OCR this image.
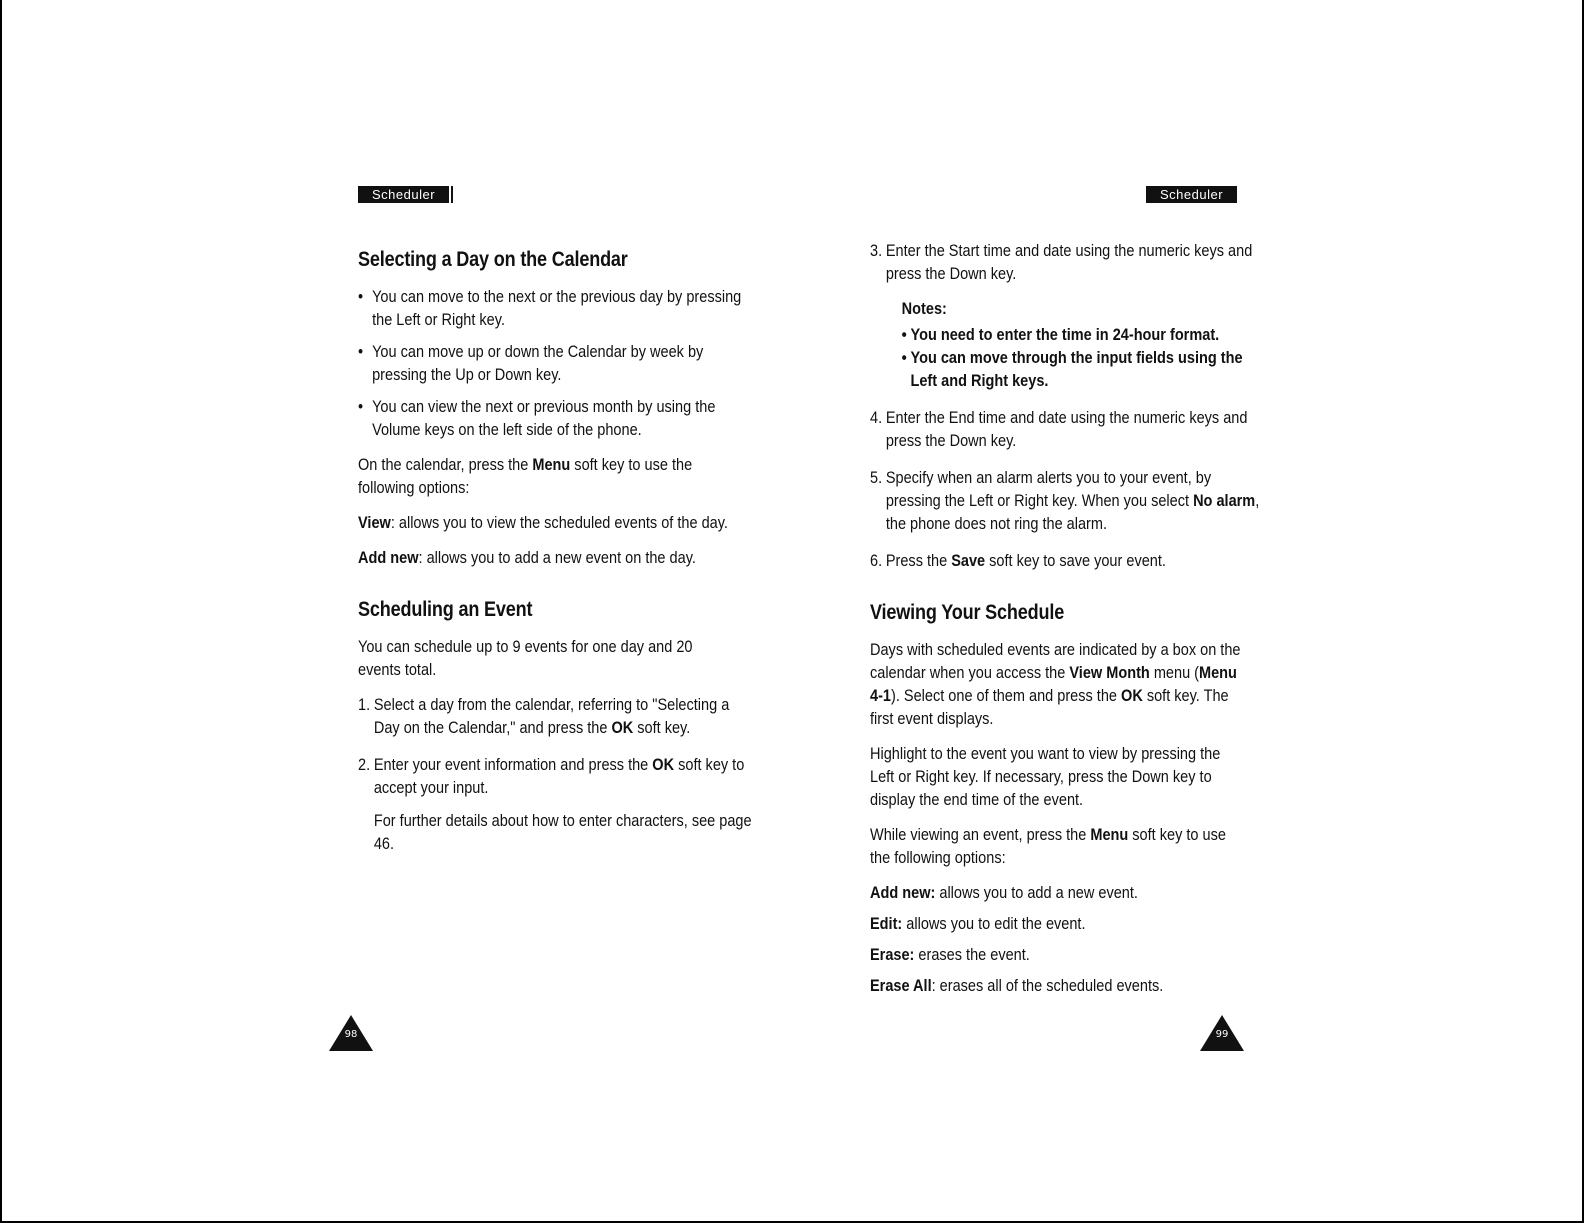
Scheduler	Scheduler
Selecting a Day on the Calendar
• You can move to the next or the previous day by pressing the Left or Right key.
• You can move up or down the Calendar by week by pressing the Up or Down key.
• You can view the next or previous month by using the Volume keys on the left side of the phone.

On the calendar, press the Menu soft key to use the following options:

View: allows you to view the scheduled events of the day.

Add new: allows you to add a new event on the day.

Scheduling an Event

You can schedule up to 9 events for one day and 20 events total.

1. Select a day from the calendar, referring to "Selecting a Day on the Calendar," and press the OK soft key.
2. Enter your event information and press the OK soft key to accept your input.
For further details about how to enter characters, see page 46.
3. Enter the Start time and date using the numeric keys and press the Down key.
Notes:
• You need to enter the time in 24-hour format.
• You can move through the input fields using the Left and Right keys.
4. Enter the End time and date using the numeric keys and press the Down key.
5. Specify when an alarm alerts you to your event, by pressing the Left or Right key. When you select No alarm, the phone does not ring the alarm.
6. Press the Save soft key to save your event.
Viewing Your Schedule

Days with scheduled events are indicated by a box on the calendar when you access the View Month menu (Menu 4-1). Select one of them and press the OK soft key. The first event displays.

Highlight to the event you want to view by pressing the Left or Right key. If necessary, press the Down key to display the end time of the event.

While viewing an event, press the Menu soft key to use the following options:

Add new: allows you to add a new event.

Edit: allows you to edit the event.

Erase: erases the event.

Erase All: erases all of the scheduled events.

98	99
